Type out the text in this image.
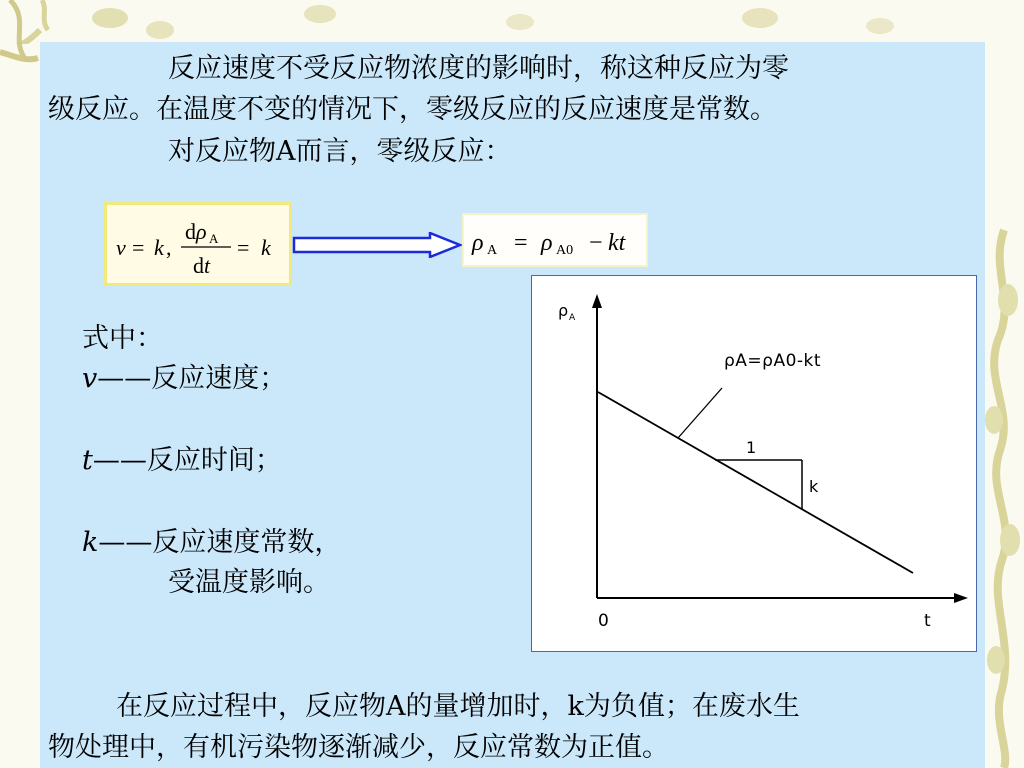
反应速度不受反应物浓度的影响时，称这种反应为零
级反应。在温度不变的情况下，零级反应的反应速度是常数。
对反应物A而言，零级反应：
v = k ,
d ρ A
d t
= k	ρ A = ρ A0 − kt
ρ A
t
0
ρA=ρA0-kt
1
k
式中：
v——反应速度；
t——反应时间；
k——反应速度常数，
受温度影响。
在反应过程中，反应物A的量增加时，k为负值；在废水生
物处理中，有机污染物逐渐减少，反应常数为正值。
